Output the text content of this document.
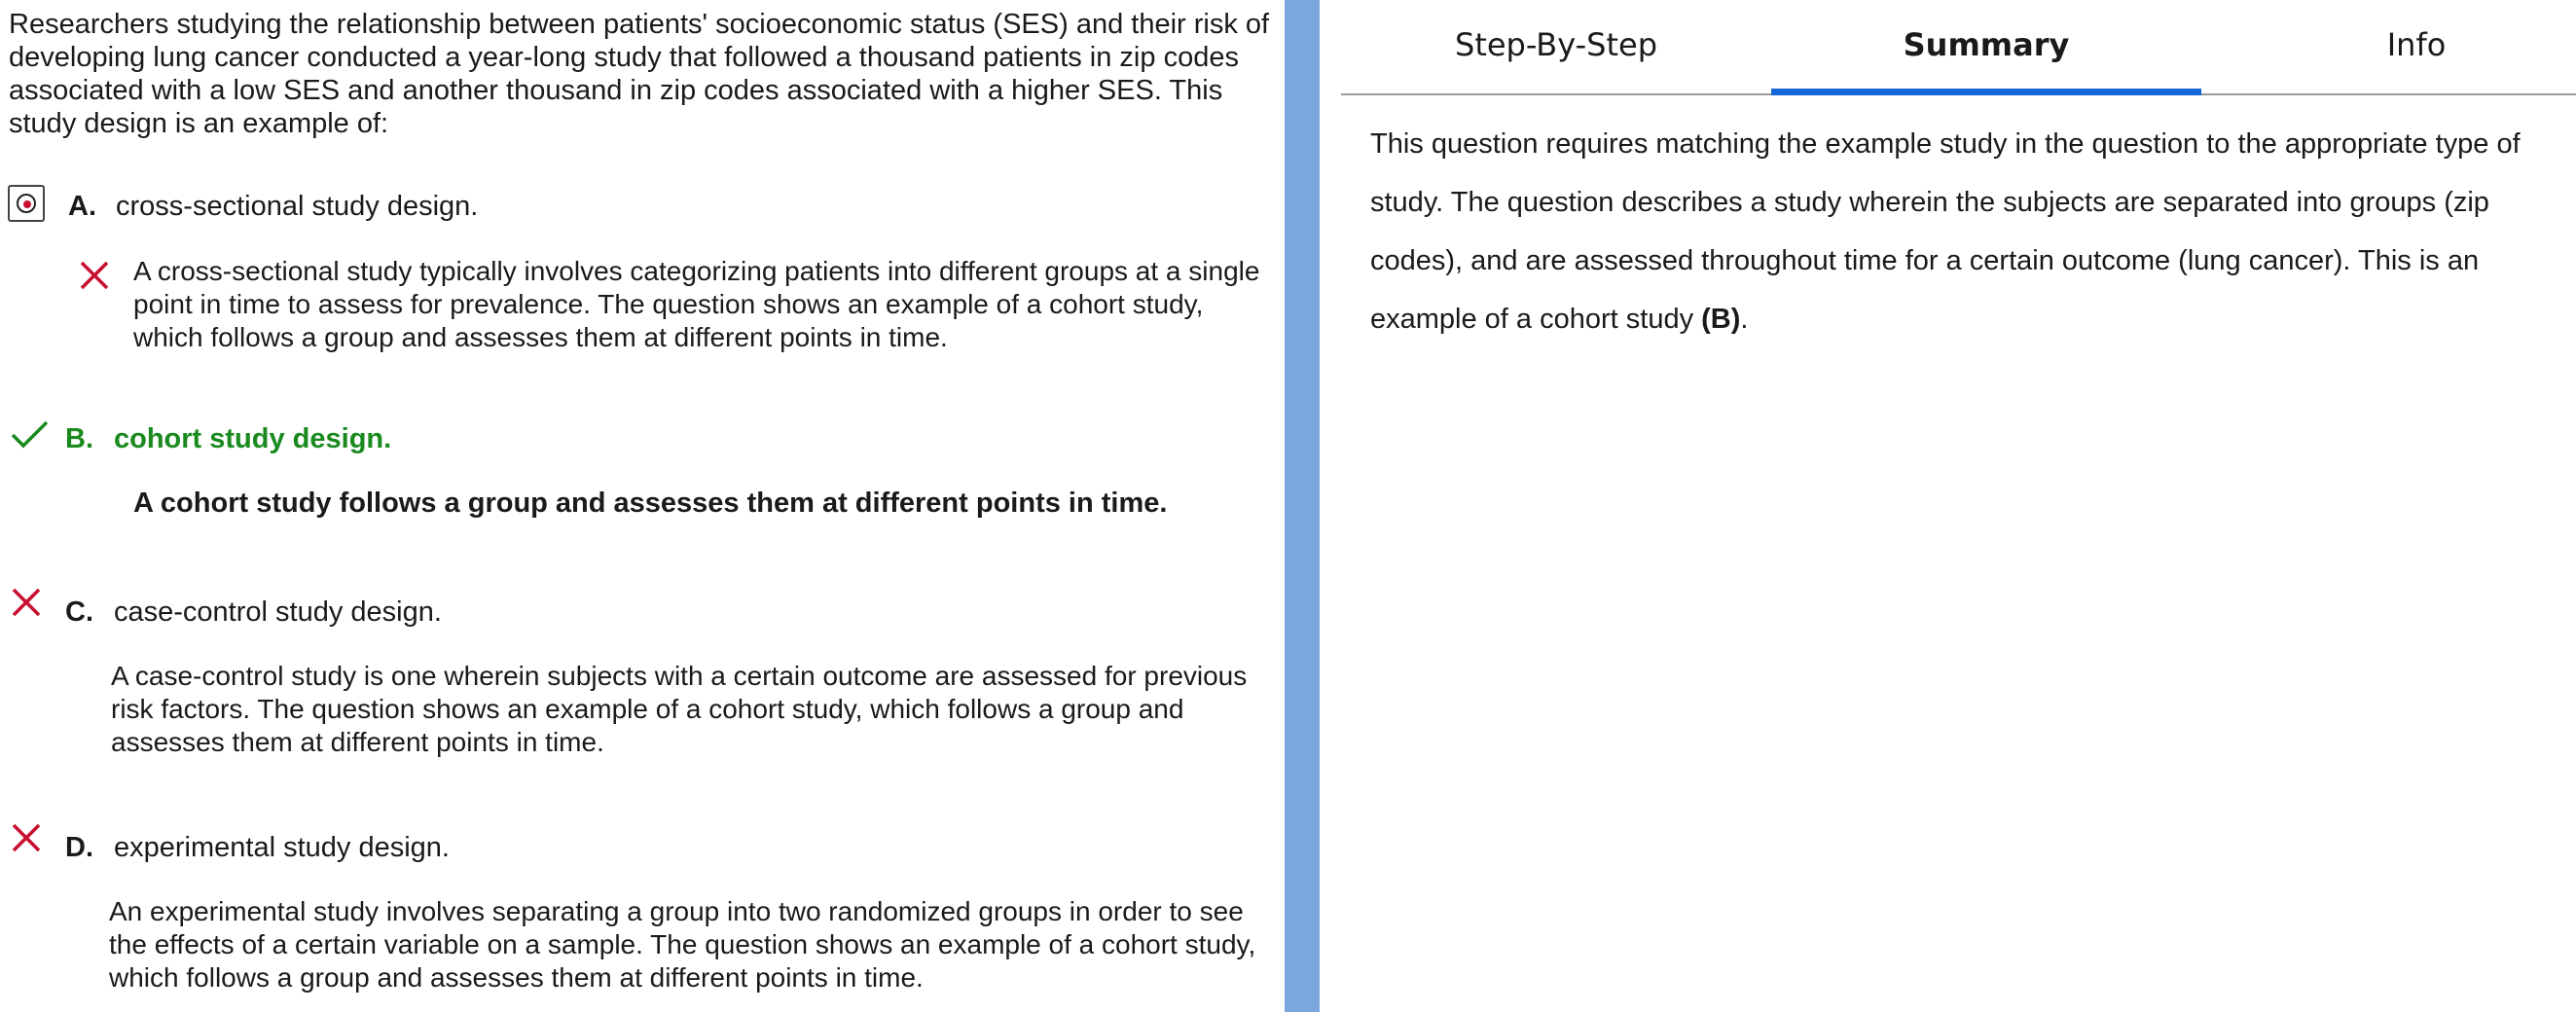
Researchers studying the relationship between patients' socioeconomic status (SES) and their risk of developing lung cancer conducted a year-long study that followed a thousand patients in zip codes associated with a low SES and another thousand in zip codes associated with a higher SES. This study design is an example of:
A. cross-sectional study design.
A cross-sectional study typically involves categorizing patients into different groups at a single point in time to assess for prevalence. The question shows an example of a cohort study, which follows a group and assesses them at different points in time.
B. cohort study design.
A cohort study follows a group and assesses them at different points in time.
C. case-control study design.
A case-control study is one wherein subjects with a certain outcome are assessed for previous risk factors. The question shows an example of a cohort study, which follows a group and assesses them at different points in time.
D. experimental study design.
An experimental study involves separating a group into two randomized groups in order to see the effects of a certain variable on a sample. The question shows an example of a cohort study, which follows a group and assesses them at different points in time.
Step-By-Step	Summary	Info
This question requires matching the example study in the question to the appropriate type of study. The question describes a study wherein the subjects are separated into groups (zip codes), and are assessed throughout time for a certain outcome (lung cancer). This is an example of a cohort study (B).
